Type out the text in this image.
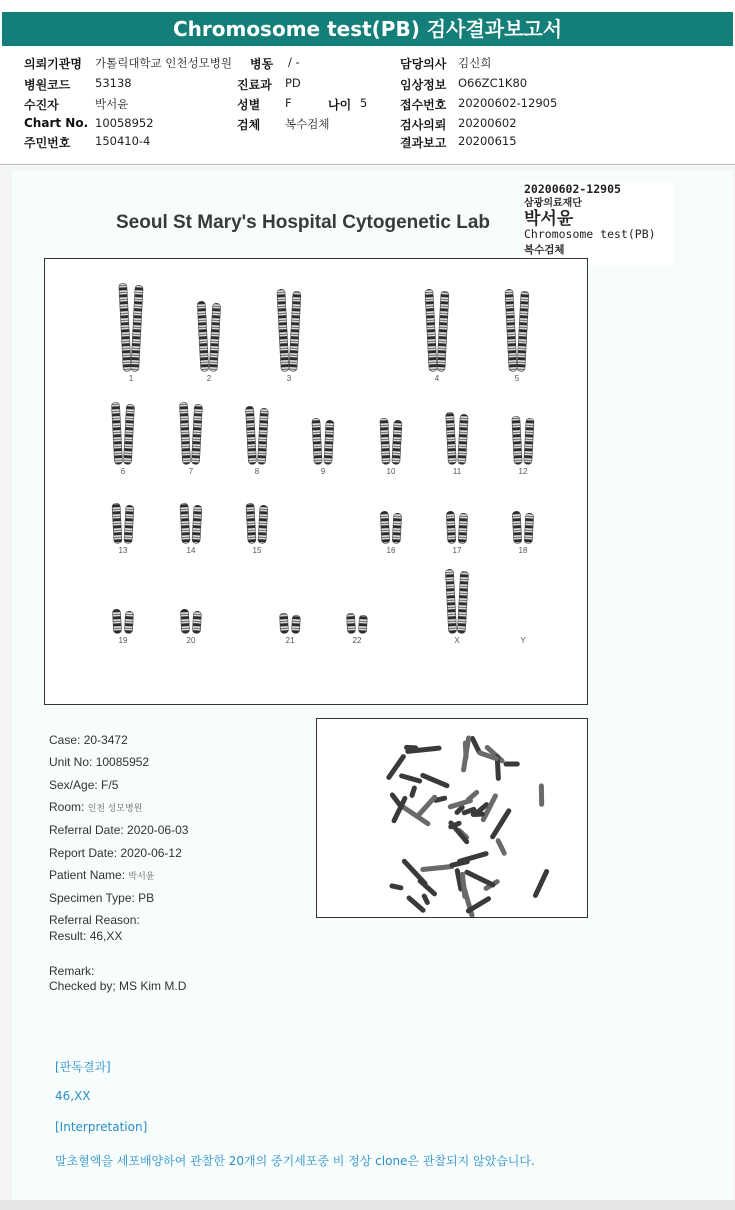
Chromosome test(PB) 검사결과보고서
의뢰기관명 가톨릭대학교 인천성모병원 병동 / -	담당의사 김신희
병원코드 53138	진료과 PD	임상정보 O66ZC1K80
수진자	박서윤	성별 F	나이 5	접수번호 20200602-12905
Chart No. 10058952	검체 복수검체	검사의뢰 20200602
주민번호 150410-4	결과보고 20200615
20200602-12905
삼광의료재단
박서윤
Chromosome test(PB)
복수검체
Seoul St Mary's Hospital Cytogenetic Lab
1	2	3	4	5
6	7	8	9	10	11	12
13	14	15	16	17	18
19	20	21	22	X	Y
Case: 20-3472
Unit No: 10085952
Sex/Age: F/5
Room: 인천 성모병원
Referral Date: 2020-06-03
Report Date: 2020-06-12
Patient Name: 박서윤
Specimen Type: PB
Referral Reason:
Result: 46,XX
Remark:
Checked by; MS Kim M.D
[판독결과]
46,XX
[Interpretation]
말초혈액을 세포배양하여 관찰한 20개의 중기세포중 비 정상 clone은 관찰되지 않았습니다.
